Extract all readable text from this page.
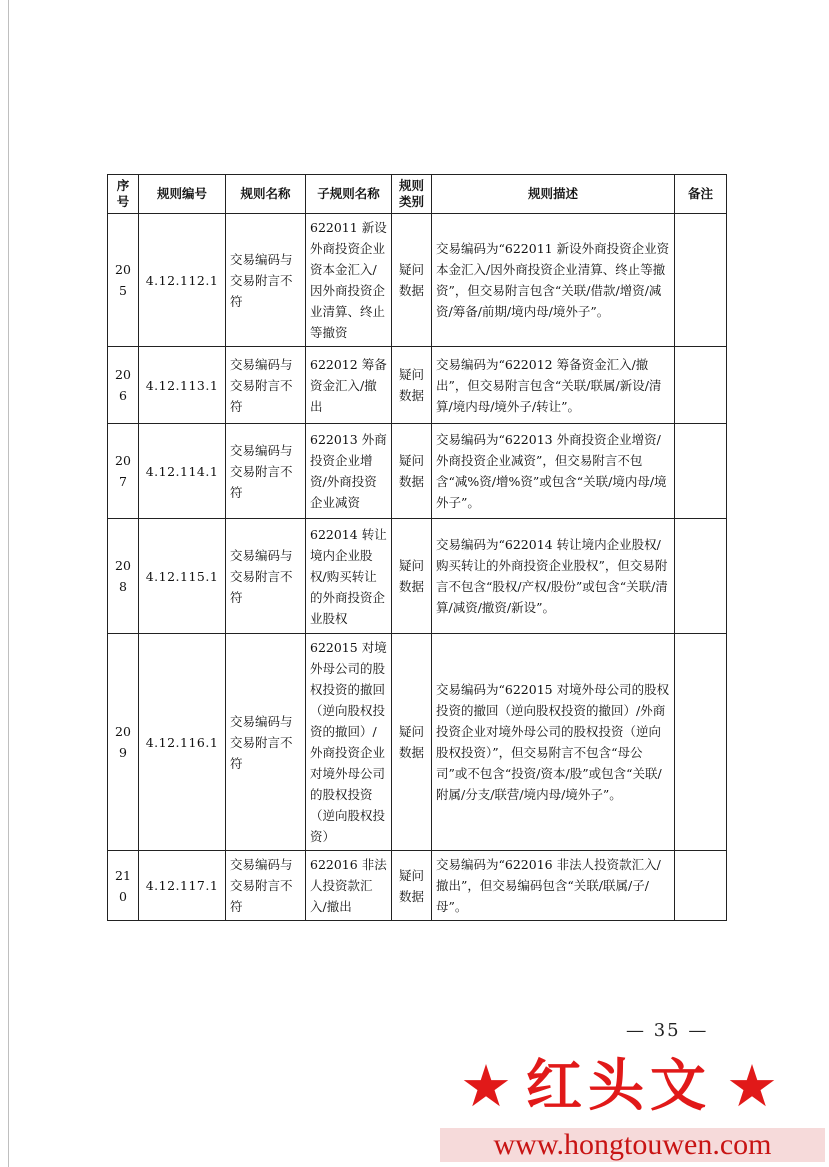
序号	规则编号	规则名称	子规则名称	规则类别	规则描述	备注
205	4.12.112.1	交易编码与交易附言不符	622011 新设外商投资企业资本金汇入/因外商投资企业清算、终止等撤资	疑问数据	交易编码为“622011 新设外商投资企业资本金汇入/因外商投资企业清算、终止等撤资”，但交易附言包含“关联/借款/增资/减资/筹备/前期/境内母/境外子”。	
206	4.12.113.1	交易编码与交易附言不符	622012 筹备资金汇入/撤出	疑问数据	交易编码为“622012 筹备资金汇入/撤出”，但交易附言包含“关联/联属/新设/清算/境内母/境外子/转让”。	
207	4.12.114.1	交易编码与交易附言不符	622013 外商投资企业增资/外商投资企业减资	疑问数据	交易编码为“622013 外商投资企业增资/外商投资企业减资”，但交易附言不包含“减%资/增%资”或包含“关联/境内母/境外子”。	
208	4.12.115.1	交易编码与交易附言不符	622014 转让境内企业股权/购买转让的外商投资企业股权	疑问数据	交易编码为“622014 转让境内企业股权/购买转让的外商投资企业股权”，但交易附言不包含“股权/产权/股份”或包含“关联/清算/减资/撤资/新设”。	
209	4.12.116.1	交易编码与交易附言不符	622015 对境外母公司的股权投资的撤回（逆向股权投资的撤回）/外商投资企业对境外母公司的股权投资（逆向股权投资）	疑问数据	交易编码为“622015 对境外母公司的股权投资的撤回（逆向股权投资的撤回）/外商投资企业对境外母公司的股权投资（逆向股权投资）”，但交易附言不包含“母公司”或不包含“投资/资本/股”或包含“关联/附属/分支/联营/境内母/境外子”。	
210	4.12.117.1	交易编码与交易附言不符	622016 非法人投资款汇入/撤出	疑问数据	交易编码为“622016 非法人投资款汇入/撤出”，但交易编码包含“关联/联属/子/母”。	
— 35 —
★ 红头文 ★
www.hongtouwen.com
